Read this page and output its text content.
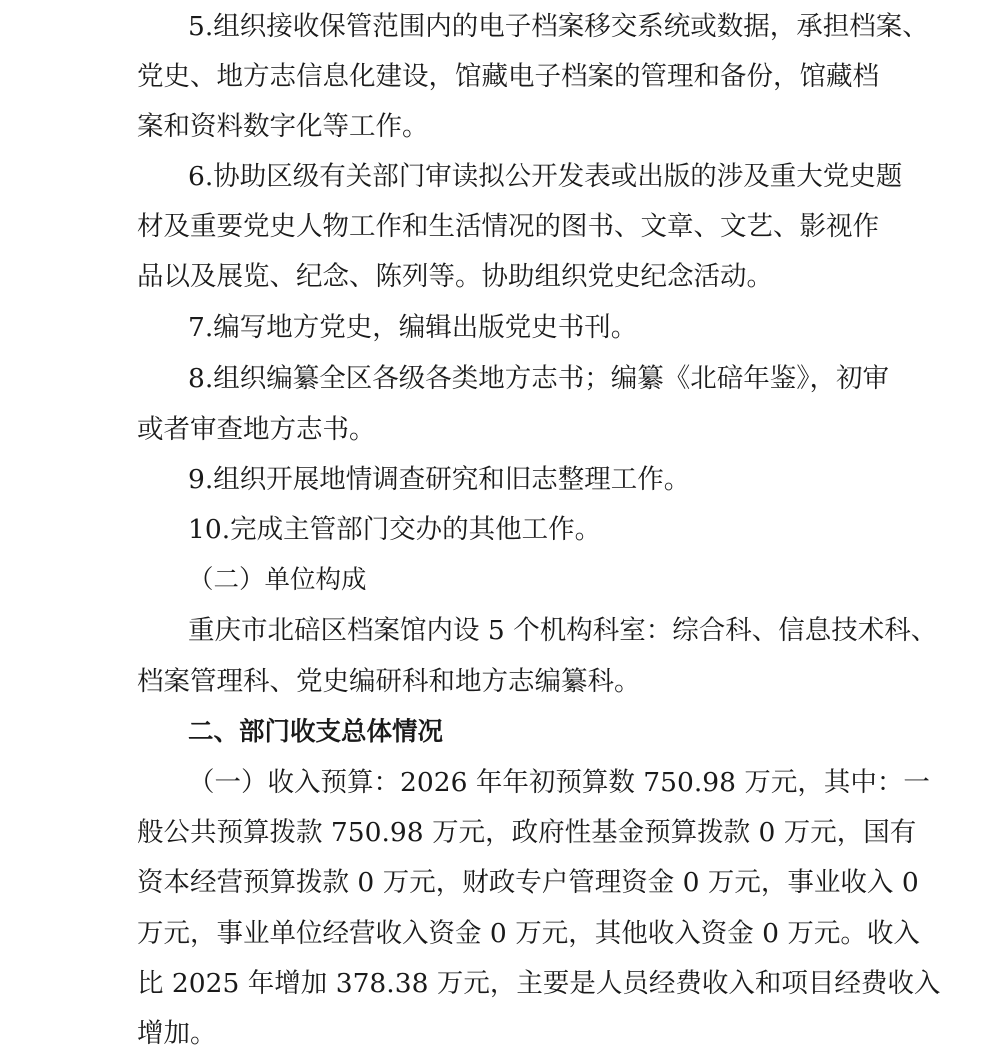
5.组织接收保管范围内的电子档案移交系统或数据，承担档案、
党史、地方志信息化建设，馆藏电子档案的管理和备份，馆藏档
案和资料数字化等工作。
6.协助区级有关部门审读拟公开发表或出版的涉及重大党史题
材及重要党史人物工作和生活情况的图书、文章、文艺、影视作
品以及展览、纪念、陈列等。协助组织党史纪念活动。
7.编写地方党史，编辑出版党史书刊。
8.组织编纂全区各级各类地方志书；编纂《北碚年鉴》，初审
或者审查地方志书。
9.组织开展地情调查研究和旧志整理工作。
10.完成主管部门交办的其他工作。
（二）单位构成
重庆市北碚区档案馆内设 5 个机构科室：综合科、信息技术科、
档案管理科、党史编研科和地方志编纂科。
二、部门收支总体情况
（一）收入预算：2026 年年初预算数 750.98 万元，其中：一
般公共预算拨款 750.98 万元，政府性基金预算拨款 0 万元，国有
资本经营预算拨款 0 万元，财政专户管理资金 0 万元，事业收入 0
万元，事业单位经营收入资金 0 万元，其他收入资金 0 万元。收入
比 2025 年增加 378.38 万元，主要是人员经费收入和项目经费收入
增加。
